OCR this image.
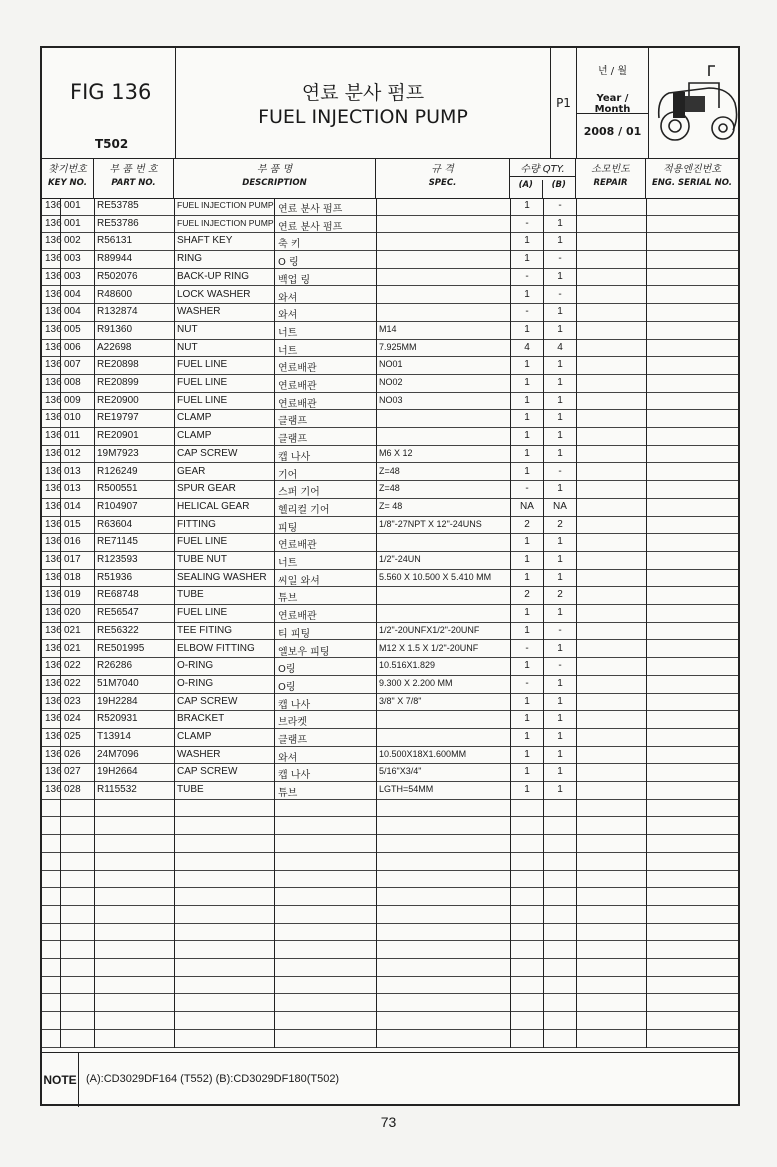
FIG 136
T502
연료 분사 펌프
FUEL INJECTION PUMP
P1
년 / 월
Year / Month
2008 / 01
찾기번호
KEY NO.
부 품 번 호
PART NO.
부 품 명
DESCRIPTION
규 격
SPEC.
수량 QTY.
(A)	(B)
소모빈도
REPAIR
적용엔진번호
ENG. SERIAL NO.
136 001 RE53785	FUEL INJECTION PUMP 연료 분사 펌프	1	-
136 001 RE53786	FUEL INJECTION PUMP 연료 분사 펌프	-	1
136 002 R56131	SHAFT KEY	축 키	1	1
136 003 R89944	RING	O 링	1	-
136 003 R502076	BACK-UP RING	백업 링	-	1
136 004 R48600	LOCK WASHER	와셔	1	-
136 004 R132874	WASHER	와셔	-	1
136 005 R91360	NUT	너트	M14	1	1
136 006 A22698	NUT	너트	7.925MM	4	4
136 007 RE20898	FUEL LINE	연료배관	NO01	1	1
136 008 RE20899	FUEL LINE	연료배관	NO02	1	1
136 009 RE20900	FUEL LINE	연료배관	NO03	1	1
136 010 RE19797	CLAMP	클램프	1	1
136 011 RE20901	CLAMP	클램프	1	1
136 012 19M7923	CAP SCREW	캡 나사	M6 X 12	1	1
136 013 R126249	GEAR	기어	Z=48	1	-
136 013 R500551	SPUR GEAR	스퍼 기어	Z=48	-	1
136 014 R104907	HELICAL GEAR	헬리컬 기어	Z= 48	NA NA
136 015 R63604	FITTING	피팅	1/8"-27NPT X 12"-24UNS	2	2
136 016 RE71145	FUEL LINE	연료배관	1	1
136 017 R123593	TUBE NUT	너트	1/2"-24UN	1	1
136 018 R51936	SEALING WASHER 씨일 와셔	5.560 X 10.500 X 5.410 MM	1	1
136 019 RE68748	TUBE	튜브	2	2
136 020 RE56547	FUEL LINE	연료배관	1	1
136 021 RE56322	TEE FITING	티 피팅	1/2"-20UNFX1/2"-20UNF	1	-
136 021 RE501995	ELBOW FITTING 엘보우 피팅	M12 X 1.5 X 1/2"-20UNF	-	1
136 022 R26286	O-RING	O링	10.516X1.829	1	-
136 022 51M7040	O-RING	O링	9.300 X 2.200 MM	-	1
136 023 19H2284	CAP SCREW	캡 나사	3/8" X 7/8"	1	1
136 024 R520931	BRACKET	브라켓	1	1
136 025 T13914	CLAMP	클램프	1	1
136 026 24M7096	WASHER	와셔	10.500X18X1.600MM	1	1
136 027 19H2664	CAP SCREW	캡 나사	5/16"X3/4"	1	1
136 028 R115532	TUBE	튜브	LGTH=54MM	1	1
NOTE (A):CD3029DF164 (T552) (B):CD3029DF180(T502)
73
